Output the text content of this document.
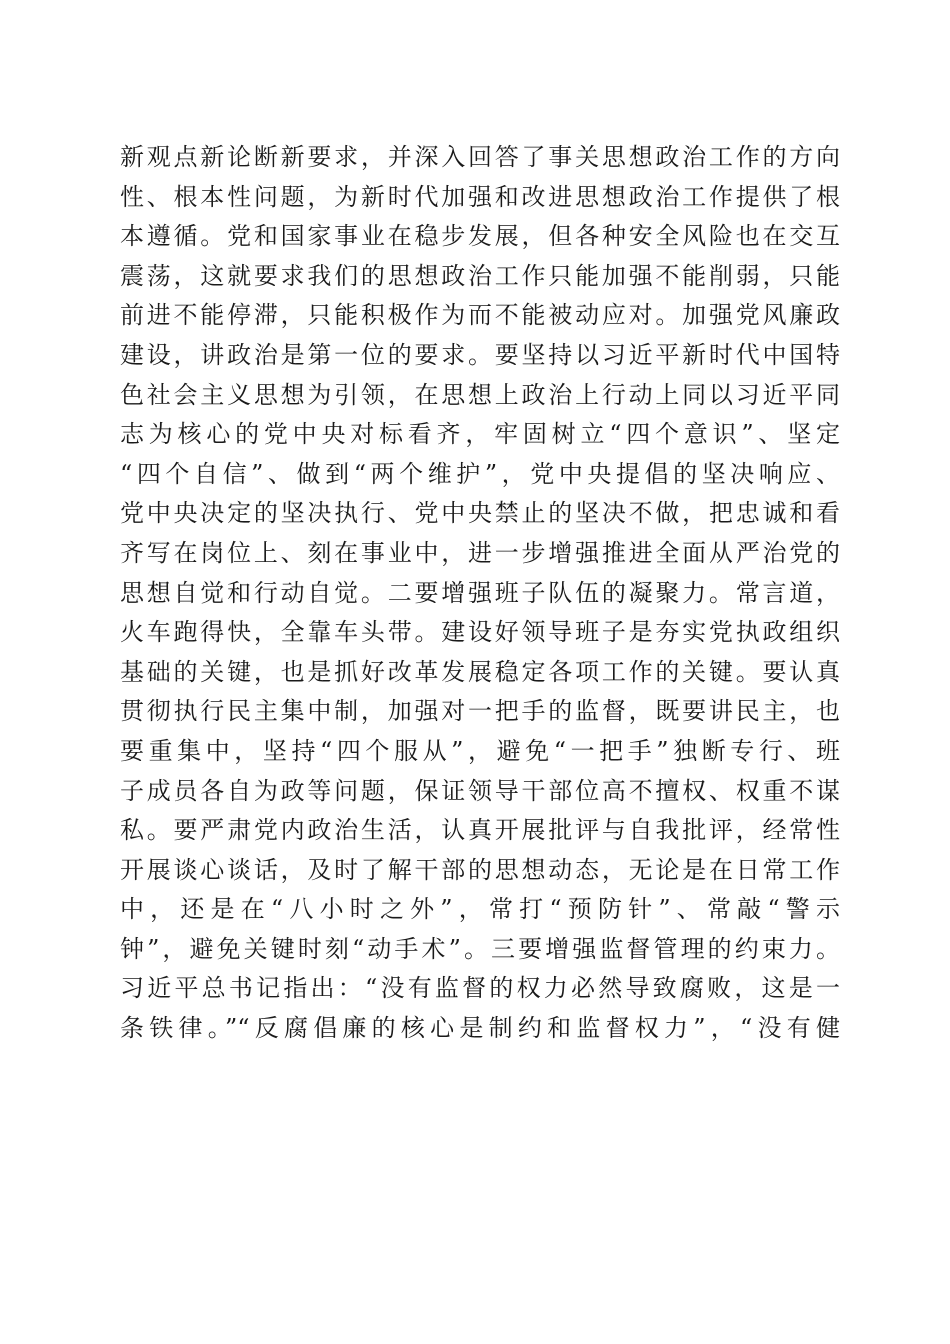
新观点新论断新要求，并深入回答了事关思想政治工作的方向
性、根本性问题，为新时代加强和改进思想政治工作提供了根
本遵循。党和国家事业在稳步发展，但各种安全风险也在交互
震荡，这就要求我们的思想政治工作只能加强不能削弱，只能
前进不能停滞，只能积极作为而不能被动应对。加强党风廉政
建设，讲政治是第一位的要求。要坚持以习近平新时代中国特
色社会主义思想为引领，在思想上政治上行动上同以习近平同
志为核心的党中央对标看齐，牢固树立“四个意识”、坚定
“四个自信”、做到“两个维护”，党中央提倡的坚决响应、
党中央决定的坚决执行、党中央禁止的坚决不做，把忠诚和看
齐写在岗位上、刻在事业中，进一步增强推进全面从严治党的
思想自觉和行动自觉。二要增强班子队伍的凝聚力。常言道，
火车跑得快，全靠车头带。建设好领导班子是夯实党执政组织
基础的关键，也是抓好改革发展稳定各项工作的关键。要认真
贯彻执行民主集中制，加强对一把手的监督，既要讲民主，也
要重集中，坚持“四个服从”，避免“一把手”独断专行、班
子成员各自为政等问题，保证领导干部位高不擅权、权重不谋
私。要严肃党内政治生活，认真开展批评与自我批评，经常性
开展谈心谈话，及时了解干部的思想动态，无论是在日常工作
中，还是在“八小时之外”，常打“预防针”、常敲“警示
钟”，避免关键时刻“动手术”。三要增强监督管理的约束力。
习近平总书记指出：“没有监督的权力必然导致腐败，这是一
条铁律。”“反腐倡廉的核心是制约和监督权力”，“没有健
